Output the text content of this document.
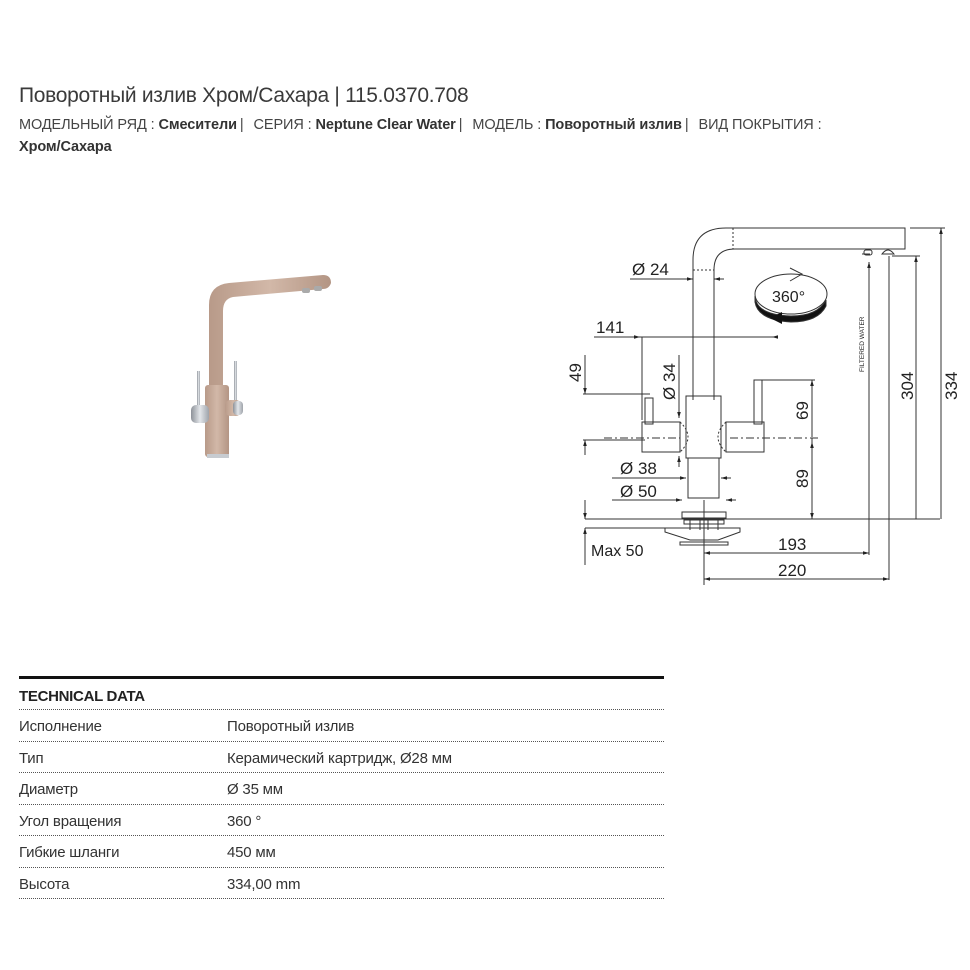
Поворотный излив Хром/Сахара | 115.0370.708
МОДЕЛЬНЫЙ РЯД : Смесители | СЕРИЯ : Neptune Clear Water | МОДЕЛЬ : Поворотный излив | ВИД ПОКРЫТИЯ :
Хром/Сахара
Ø 24
141
Ø 38
Ø 50
Max 50	193
220
360°
49	Ø 34
69
89
304 334
FILTERED WATER
TECHNICAL DATA
Исполнение	Поворотный излив
Тип	Керамический картридж, Ø28 мм
Диаметр	Ø 35 мм
Угол вращения	360 °
Гибкие шланги	450 мм
Высота	334,00 mm
